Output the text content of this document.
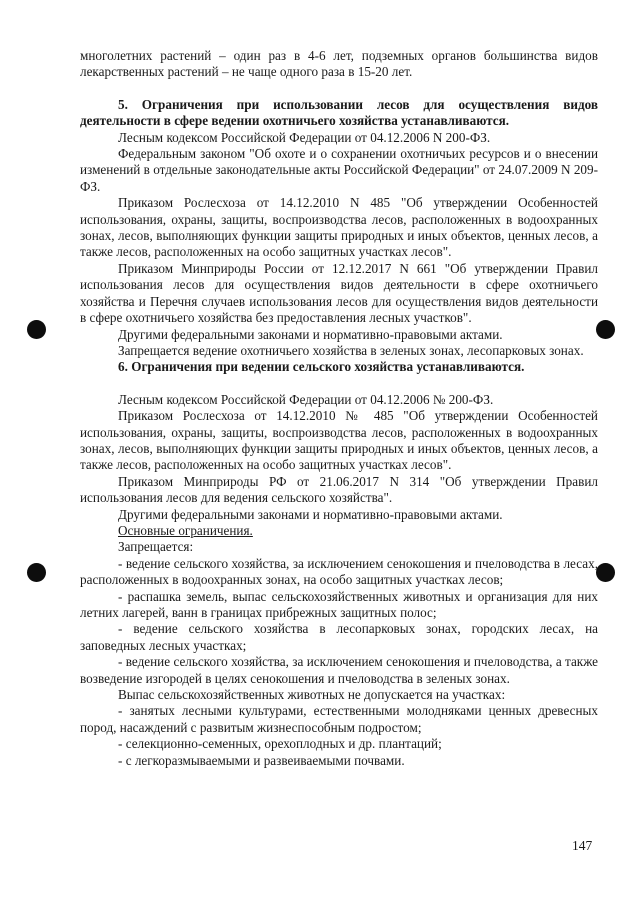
многолетних растений – один раз в 4-6 лет, подземных органов большинства видов лекарственных растений – не чаще одного раза в 15-20 лет.

5. Ограничения при использовании лесов для осуществления видов деятельности в сфере ведении охотничьего хозяйства устанавливаются.

Лесным кодексом Российской Федерации от 04.12.2006 N 200-ФЗ.

Федеральным законом "Об охоте и о сохранении охотничьих ресурсов и о внесении изменений в отдельные законодательные акты Российской Федерации" от 24.07.2009 N 209-ФЗ.

Приказом Рослесхоза от 14.12.2010 N 485 "Об утверждении Особенностей использования, охраны, защиты, воспроизводства лесов, расположенных в водоохранных зонах, лесов, выполняющих функции защиты природных и иных объектов, ценных лесов, а также лесов, расположенных на особо защитных участках лесов".

Приказом Минприроды России от 12.12.2017 N 661 "Об утверждении Правил использования лесов для осуществления видов деятельности в сфере охотничьего хозяйства и Перечня случаев использования лесов для осуществления видов деятельности в сфере охотничьего хозяйства без предоставления лесных участков".

Другими федеральными законами и нормативно-правовыми актами.

Запрещается ведение охотничьего хозяйства в зеленых зонах, лесопарковых зонах.

6. Ограничения при ведении сельского хозяйства устанавливаются.

Лесным кодексом Российской Федерации от 04.12.2006 № 200-ФЗ.

Приказом Рослесхоза от 14.12.2010 № 485 "Об утверждении Особенностей использования, охраны, защиты, воспроизводства лесов, расположенных в водоохранных зонах, лесов, выполняющих функции защиты природных и иных объектов, ценных лесов, а также лесов, расположенных на особо защитных участках лесов".

Приказом Минприроды РФ от 21.06.2017 N 314 "Об утверждении Правил использования лесов для ведения сельского хозяйства".

Другими федеральными законами и нормативно-правовыми актами.

Основные ограничения.

Запрещается:

- ведение сельского хозяйства, за исключением сенокошения и пчеловодства в лесах, расположенных в водоохранных зонах, на особо защитных участках лесов;

- распашка земель, выпас сельскохозяйственных животных и организация для них летних лагерей, ванн в границах прибрежных защитных полос;

- ведение сельского хозяйства в лесопарковых зонах, городских лесах, на заповедных лесных участках;

- ведение сельского хозяйства, за исключением сенокошения и пчеловодства, а также возведение изгородей в целях сенокошения и пчеловодства в зеленых зонах.

Выпас сельскохозяйственных животных не допускается на участках:

- занятых лесными культурами, естественными молодняками ценных древесных пород, насаждений с развитым жизнеспособным подростом;

- селекционно-семенных, орехоплодных и др. плантаций;

- с легкоразмываемыми и развеиваемыми почвами.

147
